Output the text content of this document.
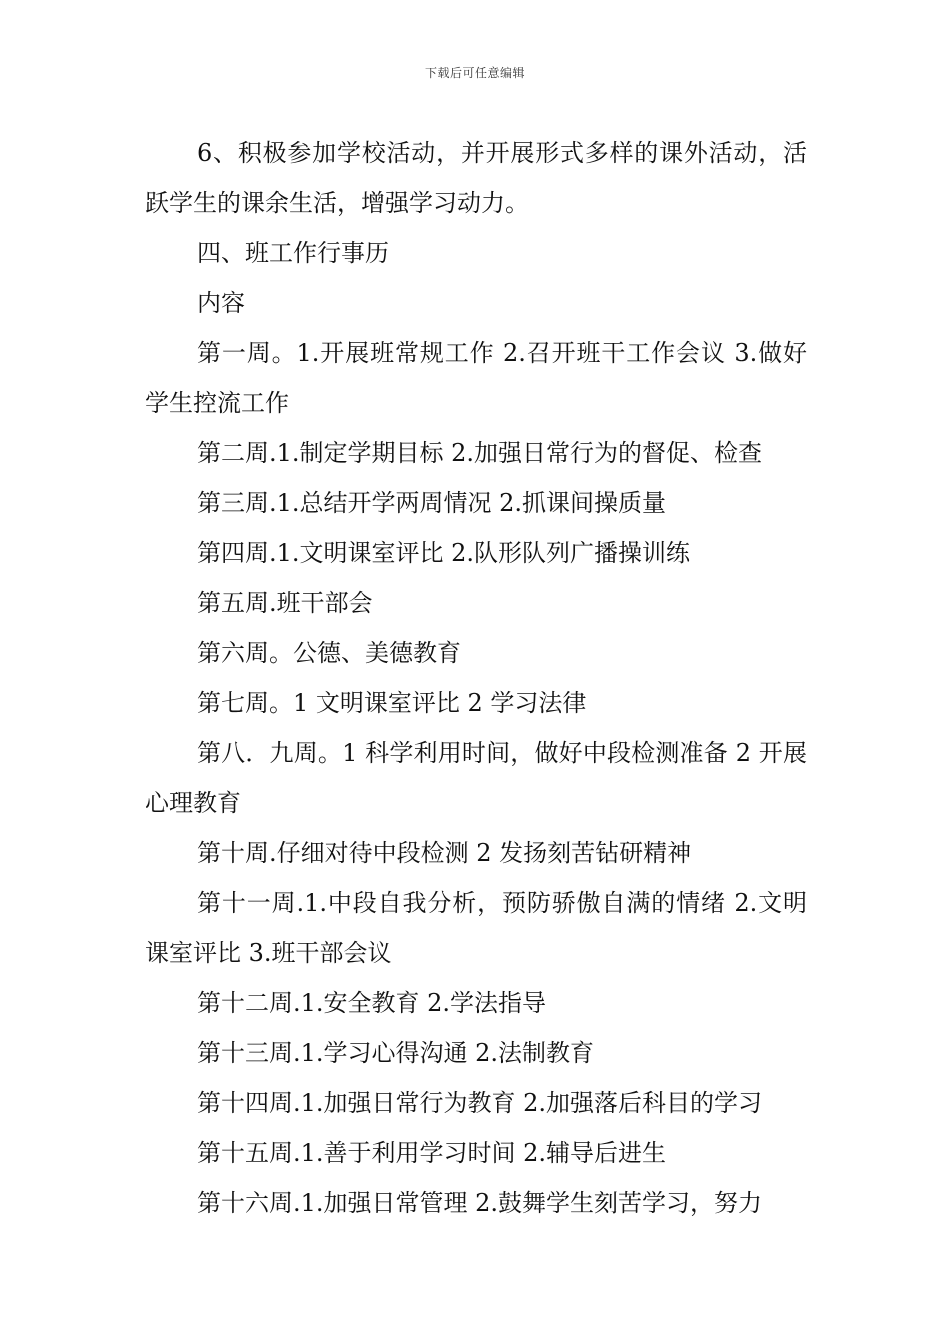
下载后可任意编辑

6、积极参加学校活动，并开展形式多样的课外活动，活跃学生的课余生活，增强学习动力。

四、班工作行事历

内容

第一周。1.开展班常规工作 2.召开班干工作会议 3.做好学生控流工作

第二周.1.制定学期目标 2.加强日常行为的督促、检查

第三周.1.总结开学两周情况 2.抓课间操质量

第四周.1.文明课室评比 2.队形队列广播操训练

第五周.班干部会

第六周。公德、美德教育

第七周。1 文明课室评比 2 学习法律

第八．九周。1 科学利用时间，做好中段检测准备 2 开展心理教育

第十周.仔细对待中段检测 2 发扬刻苦钻研精神

第十一周.1.中段自我分析，预防骄傲自满的情绪 2.文明课室评比 3.班干部会议

第十二周.1.安全教育 2.学法指导

第十三周.1.学习心得沟通 2.法制教育

第十四周.1.加强日常行为教育 2.加强落后科目的学习

第十五周.1.善于利用学习时间 2.辅导后进生

第十六周.1.加强日常管理 2.鼓舞学生刻苦学习，努力
